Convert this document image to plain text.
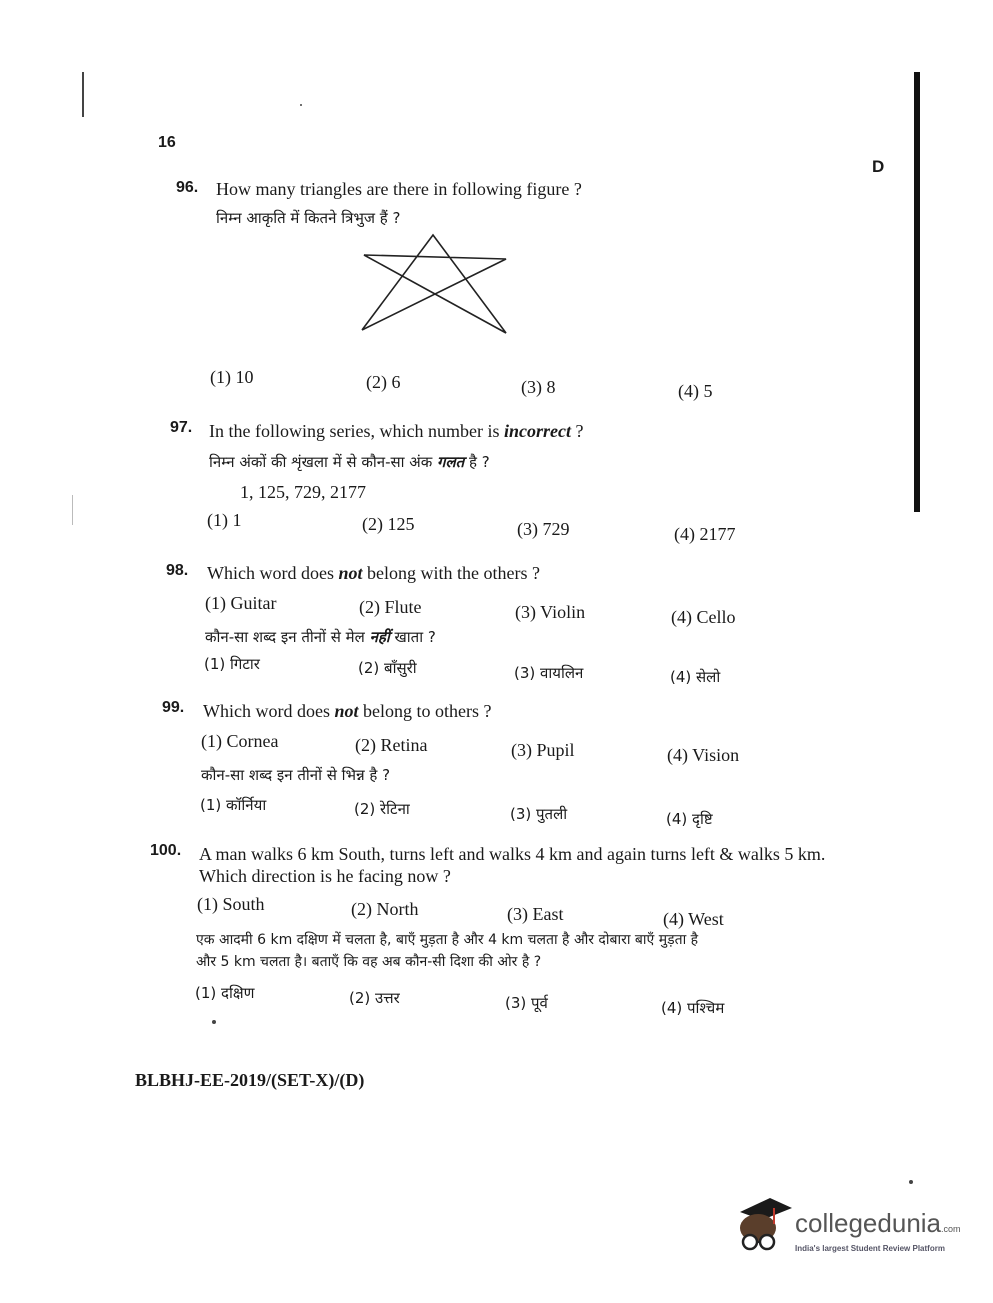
16
D
96. How many triangles are there in following figure ?
निम्न आकृति में कितने त्रिभुज हैं ?
(1) 10	(2) 6	(3) 8	(4) 5
97. In the following series, which number is incorrect ?
निम्न अंकों की शृंखला में से कौन-सा अंक गलत है ?
1, 125, 729, 2177
(1) 1	(2) 125	(3) 729	(4) 2177
98. Which word does not belong with the others ?
(1) Guitar	(2) Flute	(3) Violin	(4) Cello
कौन-सा शब्द इन तीनों से मेल नहीं खाता ?
(1) गिटार	(2) बाँसुरी	(3) वायलिन	(4) सेलो
99. Which word does not belong to others ?
(1) Cornea	(2) Retina	(3) Pupil	(4) Vision
कौन-सा शब्द इन तीनों से भिन्न है ?
(1) कॉर्निया	(2) रेटिना	(3) पुतली	(4) दृष्टि
100. A man walks 6 km South, turns left and walks 4 km and again turns left & walks 5 km.
Which direction is he facing now ?
(1) South	(2) North	(3) East	(4) West
एक आदमी 6 km दक्षिण में चलता है, बाएँ मुड़ता है और 4 km चलता है और दोबारा बाएँ मुड़ता है
और 5 km चलता है। बताएँ कि वह अब कौन-सी दिशा की ओर है ?
(1) दक्षिण	(2) उत्तर	(3) पूर्व	(4) पश्चिम
BLBHJ-EE-2019/(SET-X)/(D)
collegedunia.com
India's largest Student Review Platform
